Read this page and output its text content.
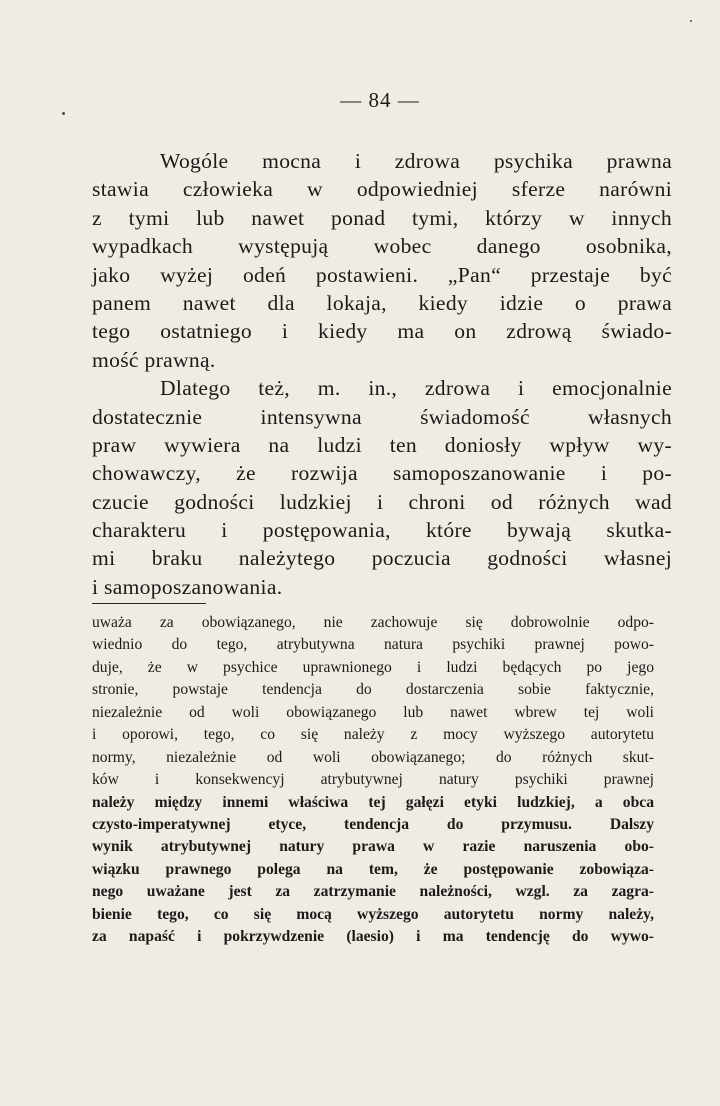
— 84 —
Wogóle mocna i zdrowa psychika prawna
stawia człowieka w odpowiedniej sferze narówni
z tymi lub nawet ponad tymi, którzy w innych
wypadkach występują wobec danego osobnika,
jako wyżej odeń postawieni. „Pan“ przestaje być
panem nawet dla lokaja, kiedy idzie o prawa
tego ostatniego i kiedy ma on zdrową świado-
mość prawną.
Dlatego też, m. in., zdrowa i emocjonalnie
dostatecznie intensywna świadomość własnych
praw wywiera na ludzi ten doniosły wpływ wy-
chowawczy, że rozwija samoposzanowanie i po-
czucie godności ludzkiej i chroni od różnych wad
charakteru i postępowania, które bywają skutka-
mi braku należytego poczucia godności własnej
i samoposzanowania.
uważa za obowiązanego, nie zachowuje się dobrowolnie odpo-
wiednio do tego, atrybutywna natura psychiki prawnej powo-
duje, że w psychice uprawnionego i ludzi będących po jego
stronie, powstaje tendencja do dostarczenia sobie faktycznie,
niezależnie od woli obowiązanego lub nawet wbrew tej woli
i oporowi, tego, co się należy z mocy wyższego autorytetu
normy, niezależnie od woli obowiązanego; do różnych skut-
ków i konsekwencyj atrybutywnej natury psychiki prawnej
należy między innemi właściwa tej gałęzi etyki ludzkiej, a obca
czysto-imperatywnej etyce, tendencja do przymusu. Dalszy
wynik atrybutywnej natury prawa w razie naruszenia obo-
wiązku prawnego polega na tem, że postępowanie zobowiąza-
nego uważane jest za zatrzymanie należności, wzgl. za zagra-
bienie tego, co się mocą wyższego autorytetu normy należy,
za napaść i pokrzywdzenie (laesio) i ma tendencję do wywo-
